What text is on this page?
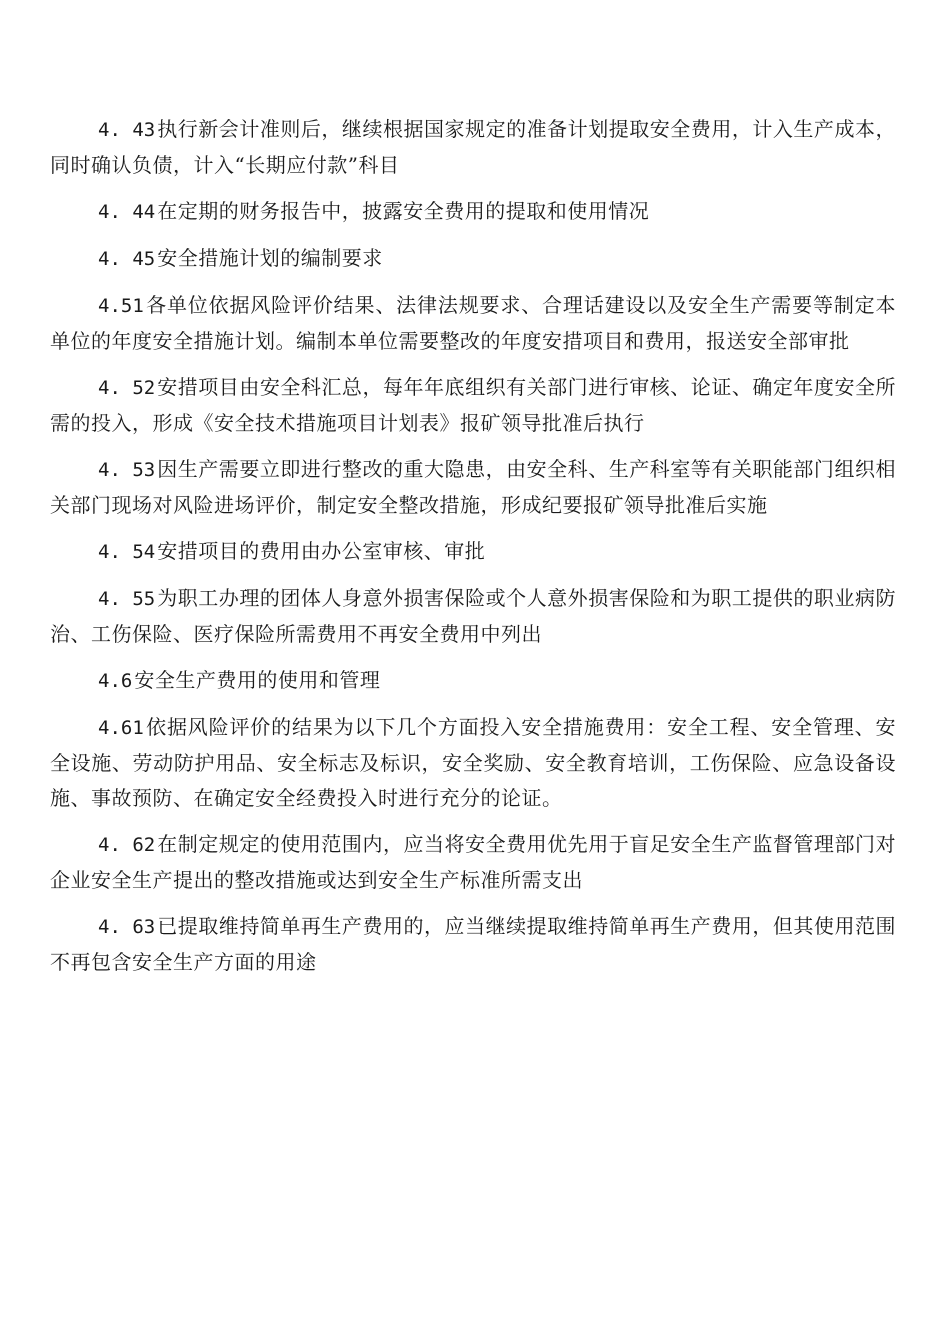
4. 43 执行新会计准则后，继续根据国家规定的准备计划提取安全费用，计入生产成本，同时确认负债，计入“长期应付款”科目

4. 44 在定期的财务报告中，披露安全费用的提取和使用情况

4. 45 安全措施计划的编制要求

4.51 各单位依据风险评价结果、法律法规要求、合理话建设以及安全生产需要等制定本单位的年度安全措施计划。编制本单位需要整改的年度安措项目和费用，报送安全部审批

4. 52 安措项目由安全科汇总，每年年底组织有关部门进行审核、论证、确定年度安全所需的投入，形成《安全技术措施项目计划表》报矿领导批准后执行

4. 53 因生产需要立即进行整改的重大隐患，由安全科、生产科室等有关职能部门组织相关部门现场对风险进场评价，制定安全整改措施，形成纪要报矿领导批准后实施

4. 54 安措项目的费用由办公室审核、审批

4. 55 为职工办理的团体人身意外损害保险或个人意外损害保险和为职工提供的职业病防治、工伤保险、医疗保险所需费用不再安全费用中列出

4.6 安全生产费用的使用和管理

4.61 依据风险评价的结果为以下几个方面投入安全措施费用：安全工程、安全管理、安全设施、劳动防护用品、安全标志及标识，安全奖励、安全教育培训，工伤保险、应急设备设施、事故预防、在确定安全经费投入时进行充分的论证。

4. 62 在制定规定的使用范围内，应当将安全费用优先用于盲足安全生产监督管理部门对企业安全生产提出的整改措施或达到安全生产标准所需支出

4. 63 已提取维持简单再生产费用的，应当继续提取维持简单再生产费用，但其使用范围不再包含安全生产方面的用途
